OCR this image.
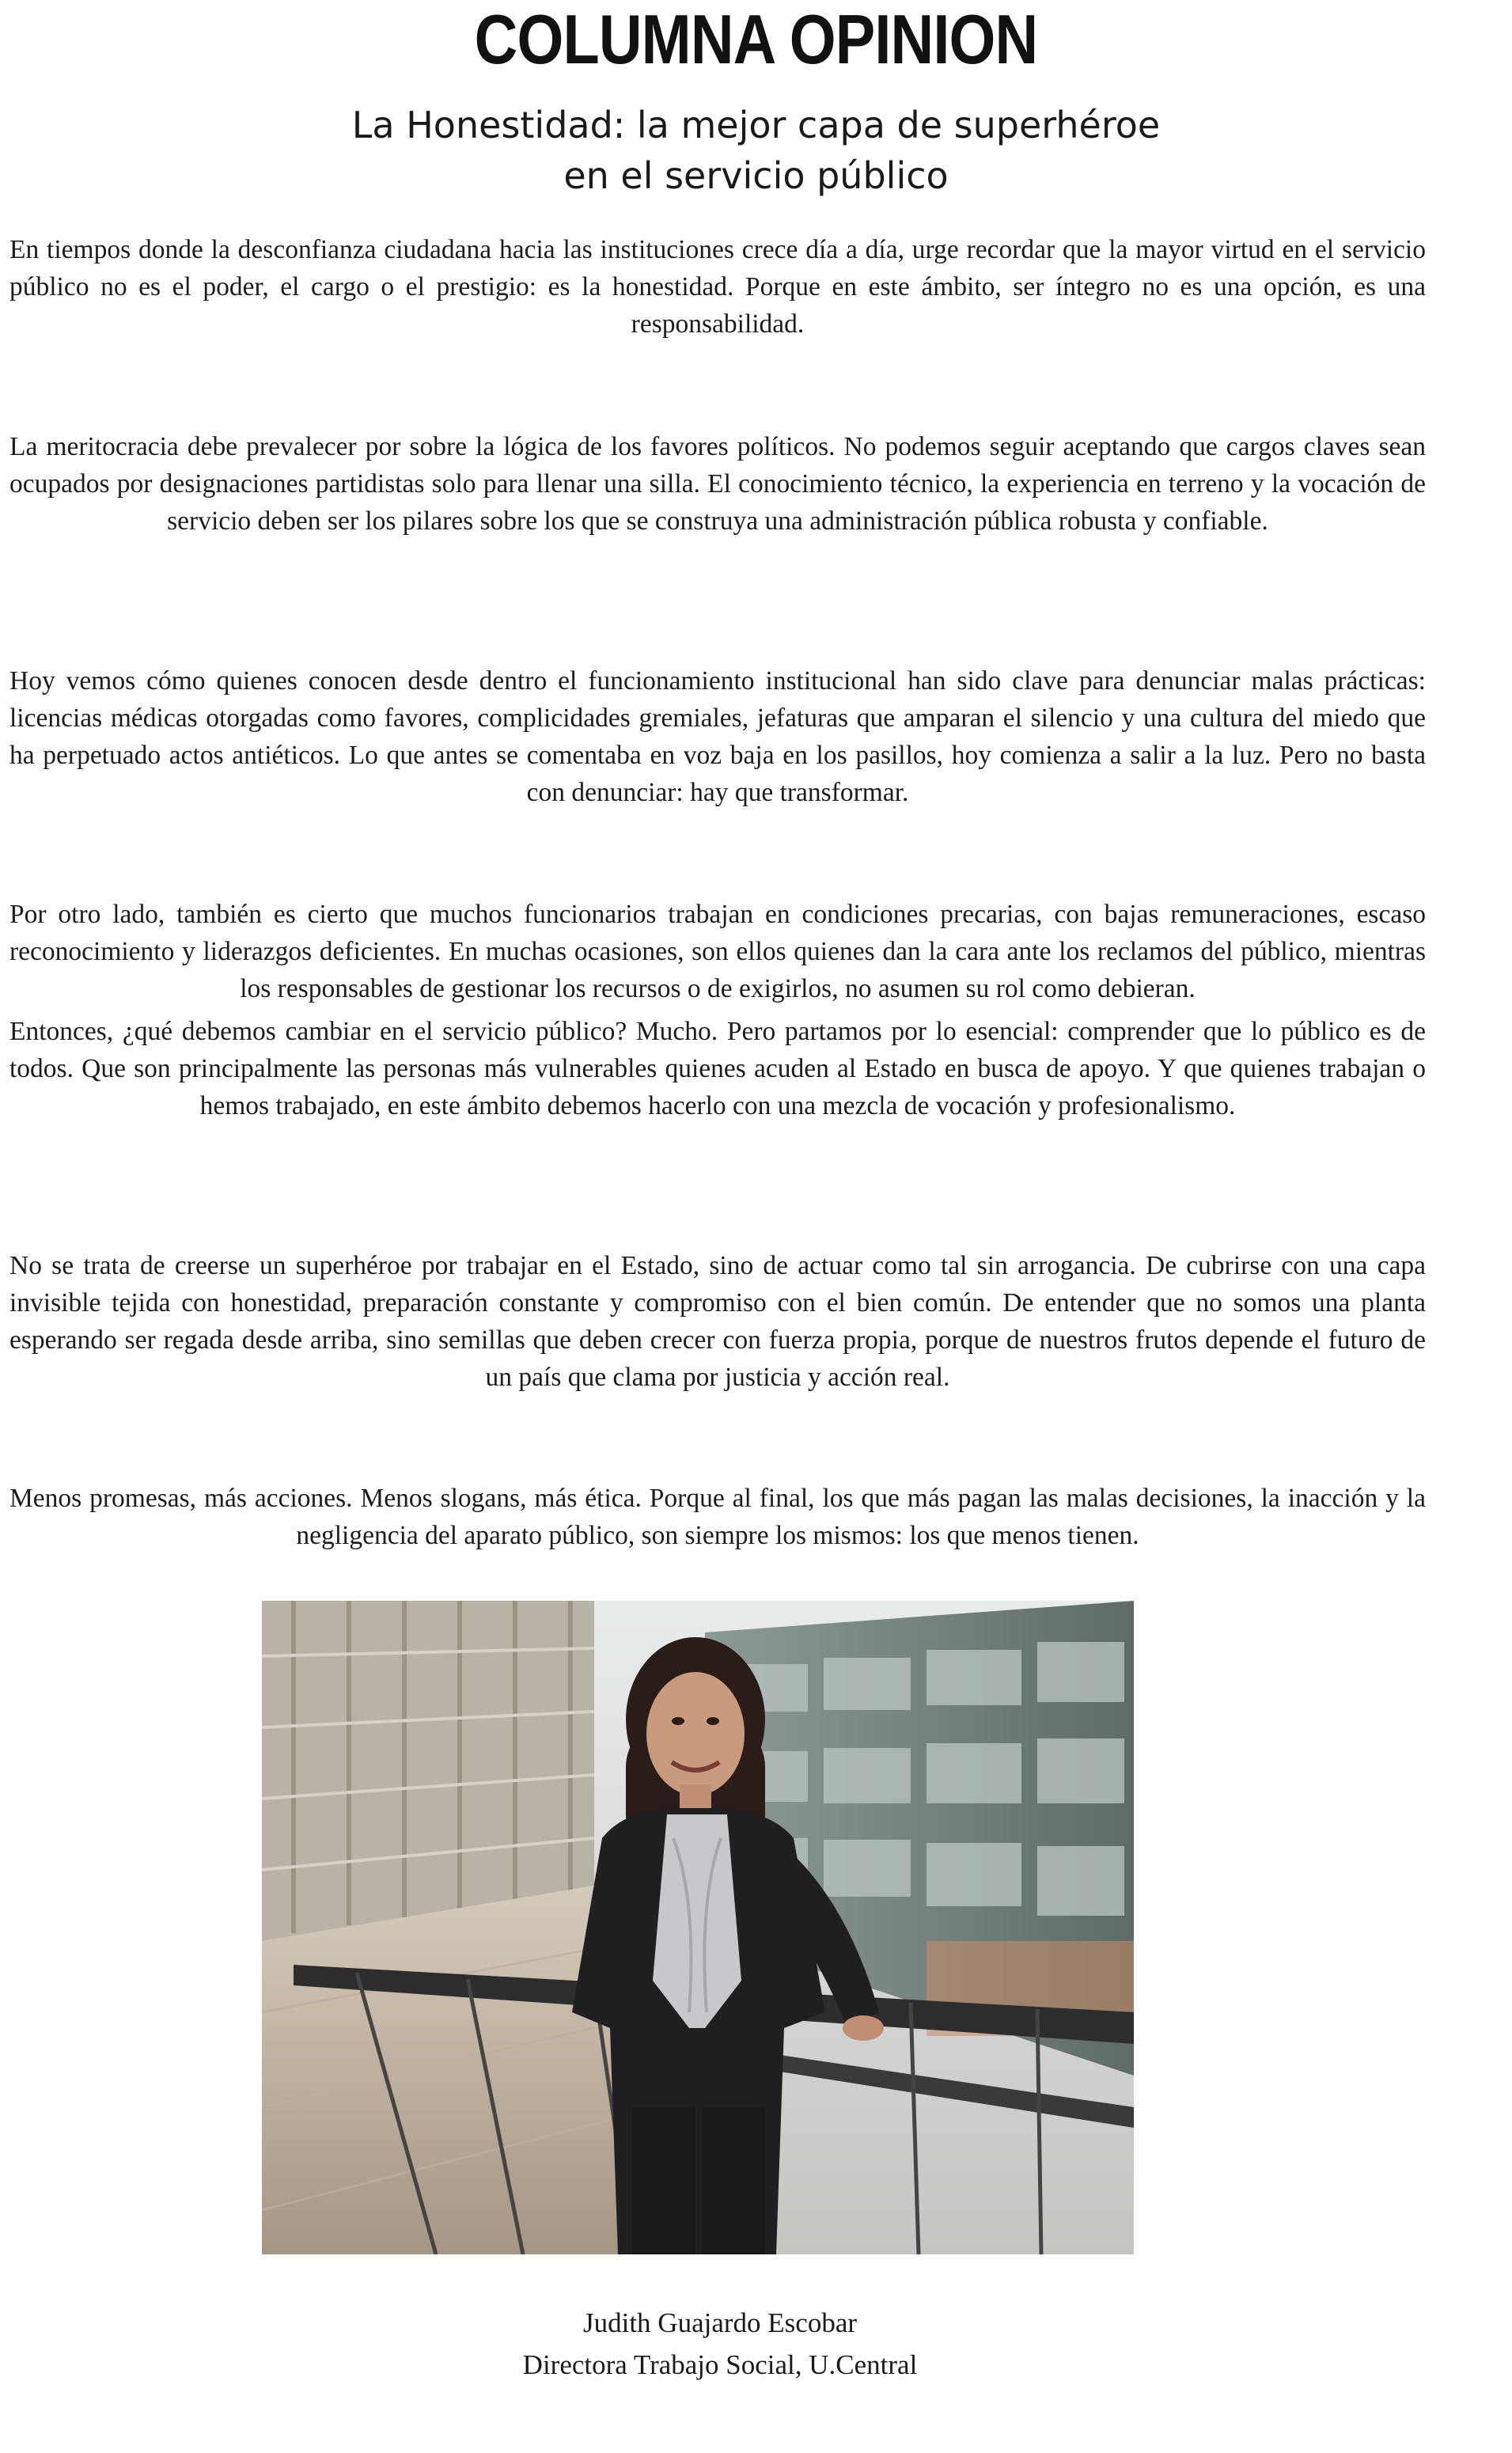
COLUMNA OPINION
La Honestidad: la mejor capa de superhéroe
en el servicio público

En tiempos donde la desconfianza ciudadana hacia las instituciones crece día a día, urge recordar que la mayor virtud en el servicio público no es el poder, el cargo o el prestigio: es la honestidad. Porque en este ámbito, ser íntegro no es una opción, es una responsabilidad.

La meritocracia debe prevalecer por sobre la lógica de los favores políticos. No podemos seguir aceptando que cargos claves sean ocupados por designaciones partidistas solo para llenar una silla. El conocimiento técnico, la experiencia en terreno y la vocación de servicio deben ser los pilares sobre los que se construya una administración pública robusta y confiable.

Hoy vemos cómo quienes conocen desde dentro el funcionamiento institucional han sido clave para denunciar malas prácticas: licencias médicas otorgadas como favores, complicidades gremiales, jefaturas que amparan el silencio y una cultura del miedo que ha perpetuado actos antiéticos. Lo que antes se comentaba en voz baja en los pasillos, hoy comienza a salir a la luz. Pero no basta con denunciar: hay que transformar.

Por otro lado, también es cierto que muchos funcionarios trabajan en condiciones precarias, con bajas remuneraciones, escaso reconocimiento y liderazgos deficientes. En muchas ocasiones, son ellos quienes dan la cara ante los reclamos del público, mientras los responsables de gestionar los recursos o de exigirlos, no asumen su rol como debieran.

Entonces, ¿qué debemos cambiar en el servicio público? Mucho. Pero partamos por lo esencial: comprender que lo público es de todos. Que son principalmente las personas más vulnerables quienes acuden al Estado en busca de apoyo. Y que quienes trabajan o hemos trabajado, en este ámbito debemos hacerlo con una mezcla de vocación y profesionalismo.

No se trata de creerse un superhéroe por trabajar en el Estado, sino de actuar como tal sin arrogancia. De cubrirse con una capa invisible tejida con honestidad, preparación constante y compromiso con el bien común. De entender que no somos una planta esperando ser regada desde arriba, sino semillas que deben crecer con fuerza propia, porque de nuestros frutos depende el futuro de un país que clama por justicia y acción real.

Menos promesas, más acciones. Menos slogans, más ética. Porque al final, los que más pagan las malas decisiones, la inacción y la negligencia del aparato público, son siempre los mismos: los que menos tienen.

Judith Guajardo Escobar
Directora Trabajo Social, U.Central
